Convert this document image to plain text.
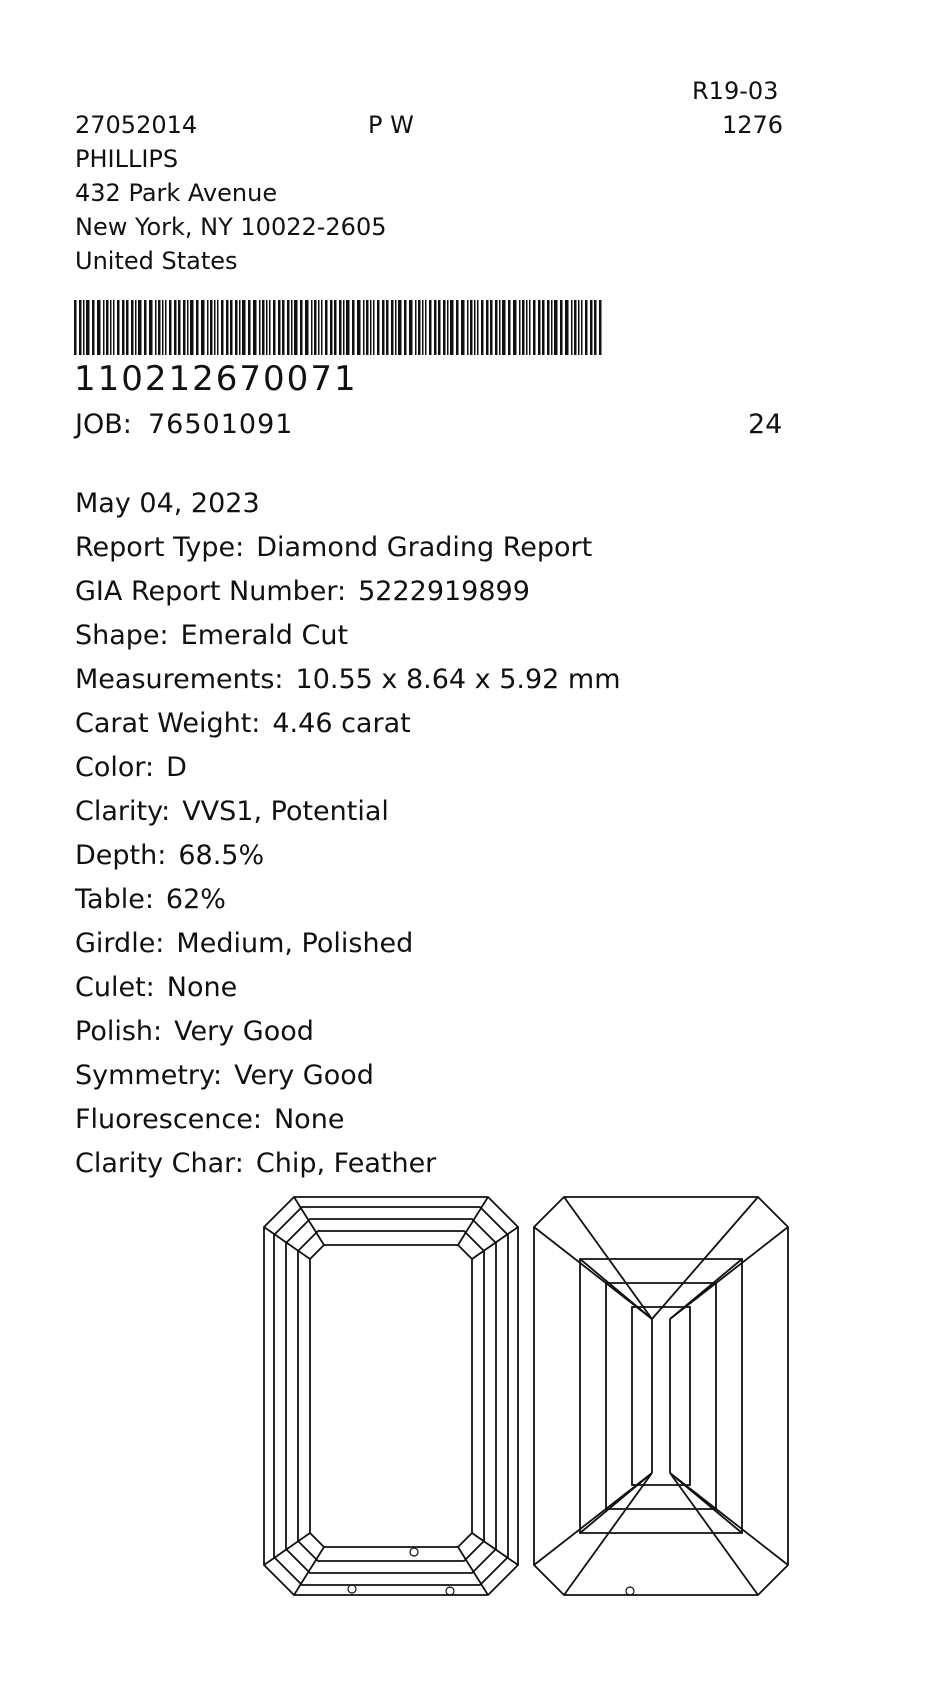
R19-03
27052014	P W	1276
PHILLIPS
432 Park Avenue
New York, NY 10022-2605
United States
110212670071
JOB: 76501091	24
May 04, 2023
Report Type: Diamond Grading Report
GIA Report Number: 5222919899
Shape: Emerald Cut
Measurements: 10.55 x 8.64 x 5.92 mm
Carat Weight: 4.46 carat
Color: D
Clarity: VVS1, Potential
Depth: 68.5%
Table: 62%
Girdle: Medium, Polished
Culet: None
Polish: Very Good
Symmetry: Very Good
Fluorescence: None
Clarity Char: Chip, Feather
